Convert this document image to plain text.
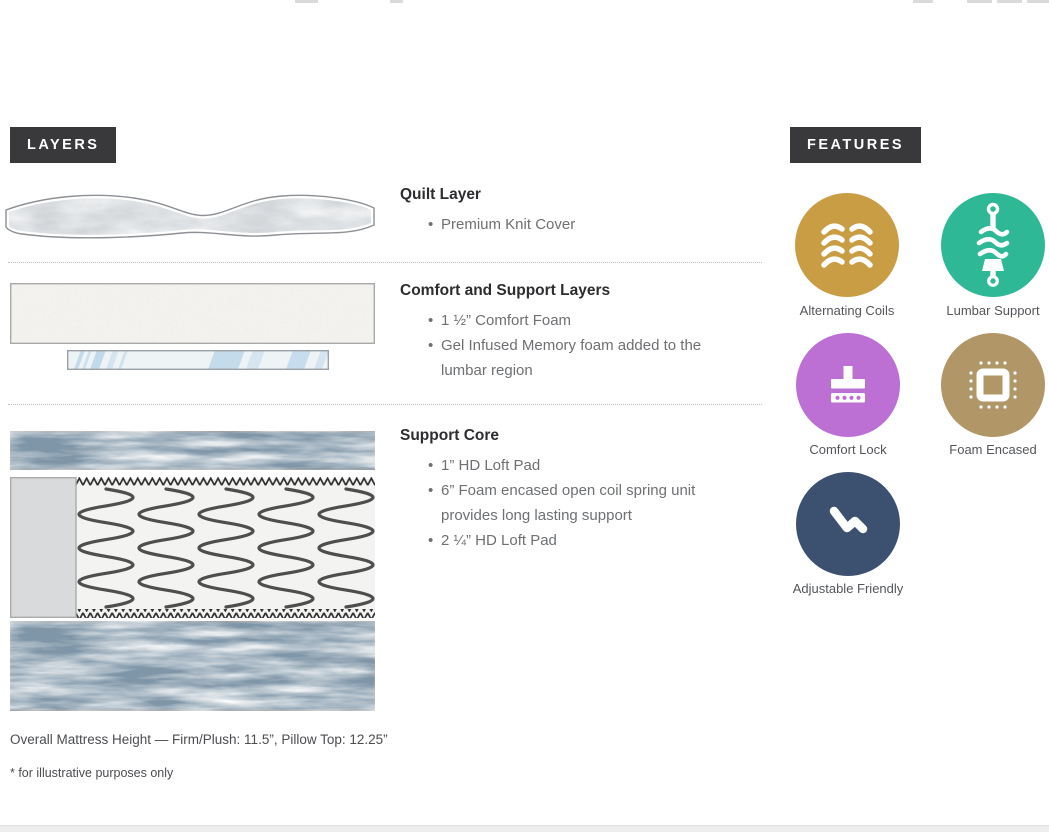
LAYERS
Quilt Layer
• Premium Knit Cover
Comfort and Support Layers
• 1 ½” Comfort Foam
• Gel Infused Memory foam added to the lumbar region
Support Core
• 1” HD Loft Pad
• 6” Foam encased open coil spring unit provides long lasting support
• 2 ¼” HD Loft Pad
Overall Mattress Height — Firm/Plush: 11.5”, Pillow Top: 12.25”
* for illustrative purposes only
FEATURES
Alternating Coils	Lumbar Support
Comfort Lock	Foam Encased
Adjustable Friendly
